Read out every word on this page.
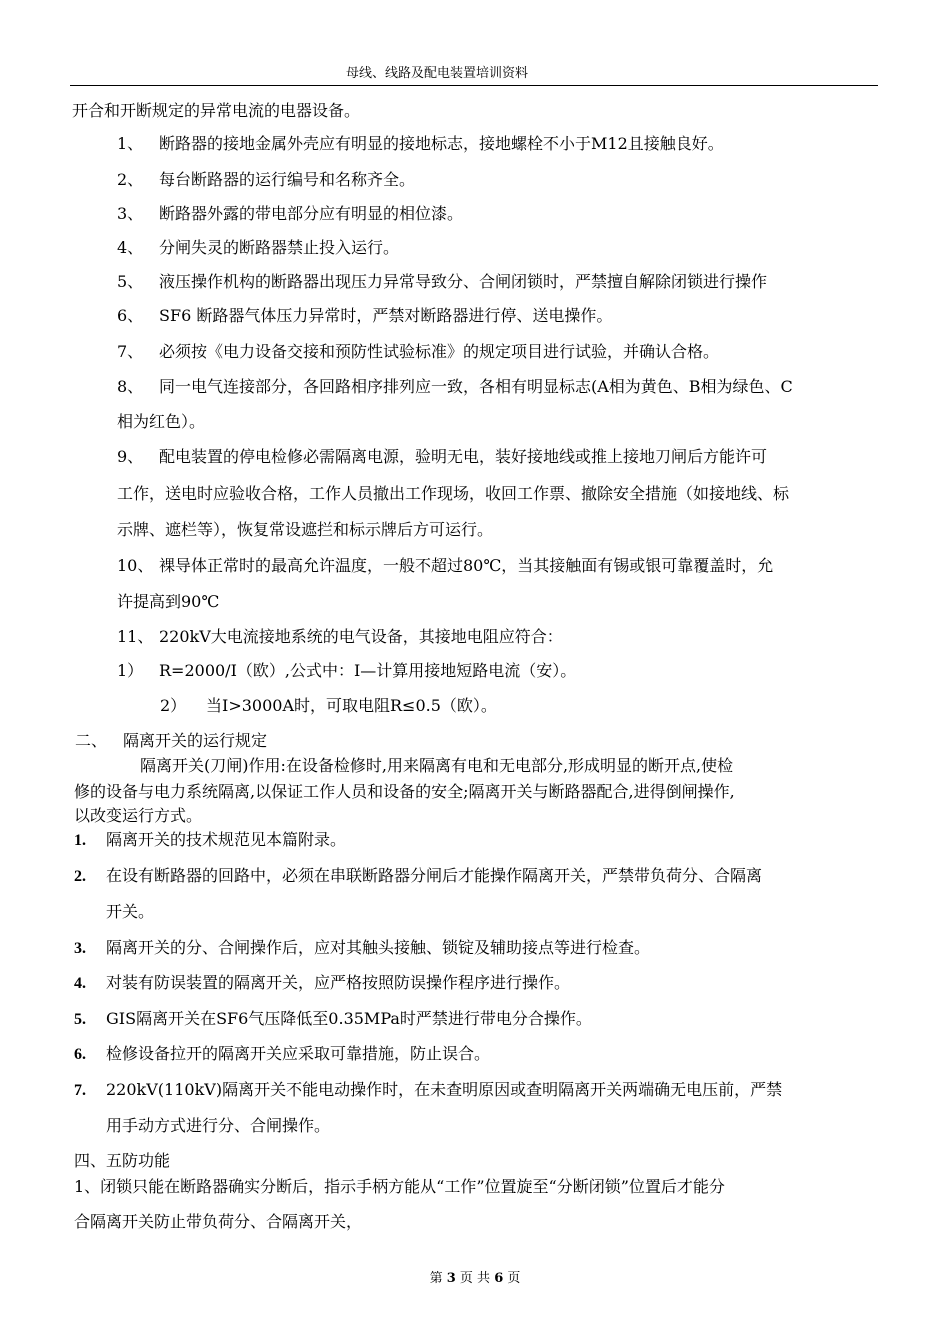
母线、线路及配电装置培训资料
开合和开断规定的异常电流的电器设备。
1、 断路器的接地金属外壳应有明显的接地标志，接地螺栓不小于M12且接触良好。
2、 每台断路器的运行编号和名称齐全。
3、 断路器外露的带电部分应有明显的相位漆。
4、 分闸失灵的断路器禁止投入运行。
5、 液压操作机构的断路器出现压力异常导致分、合闸闭锁时，严禁擅自解除闭锁进行操作
6、 SF6 断路器气体压力异常时，严禁对断路器进行停、送电操作。
7、 必须按《电力设备交接和预防性试验标准》的规定项目进行试验，并确认合格。
8、 同一电气连接部分，各回路相序排列应一致，各相有明显标志(A相为黄色、B相为绿色、C
相为红色）。
9、 配电装置的停电检修必需隔离电源，验明无电，装好接地线或推上接地刀闸后方能许可
工作，送电时应验收合格，工作人员撤出工作现场，收回工作票、撤除安全措施（如接地线、标
示牌、遮栏等），恢复常设遮拦和标示牌后方可运行。
10、 裸导体正常时的最高允许温度，一般不超过80℃，当其接触面有锡或银可靠覆盖时，允
许提高到90℃
11、 220kV大电流接地系统的电气设备，其接地电阻应符合：
1） R=2000/I（欧）,公式中：I—计算用接地短路电流（安）。
2） 当I>3000A时，可取电阻R≤0.5（欧）。
二、 隔离开关的运行规定
隔离开关(刀闸)作用:在设备检修时,用来隔离有电和无电部分,形成明显的断开点,使检
修的设备与电力系统隔离,以保证工作人员和设备的安全;隔离开关与断路器配合,进得倒闸操作,
以改变运行方式。
1. 隔离开关的技术规范见本篇附录。
2. 在设有断路器的回路中，必须在串联断路器分闸后才能操作隔离开关，严禁带负荷分、合隔离
开关。
3. 隔离开关的分、合闸操作后，应对其触头接触、锁锭及辅助接点等进行检查。
4. 对装有防误装置的隔离开关，应严格按照防误操作程序进行操作。
5. GIS隔离开关在SF6气压降低至0.35MPa时严禁进行带电分合操作。
6. 检修设备拉开的隔离开关应采取可靠措施，防止误合。
7. 220kV(110kV)隔离开关不能电动操作时，在未查明原因或查明隔离开关两端确无电压前，严禁
用手动方式进行分、合闸操作。
四、五防功能
1、闭锁只能在断路器确实分断后，指示手柄方能从“工作”位置旋至“分断闭锁”位置后才能分
合隔离开关防止带负荷分、合隔离开关，
第 3 页 共 6 页
